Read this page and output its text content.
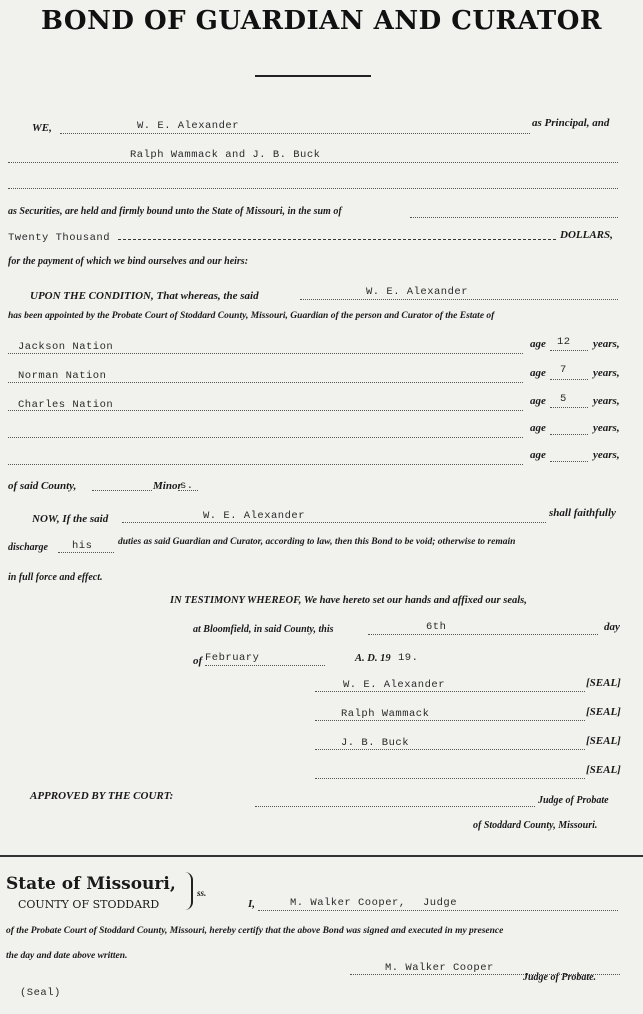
BOND OF GUARDIAN AND CURATOR
WE,	W. E. Alexander	as Principal, and
Ralph Wammack and J. B. Buck
as Securities, are held and firmly bound unto the State of Missouri, in the sum of
Twenty Thousand	DOLLARS,
for the payment of which we bind ourselves and our heirs:
UPON THE CONDITION, That whereas, the said	W. E. Alexander
has been appointed by the Probate Court of Stoddard County, Missouri, Guardian of the person and Curator of the Estate of
Jackson Nation	age 12 years,
Norman Nation	age 7 years,
Charles Nation	age 5 years,
age	years,
age	years,
of said County,	Minor
s.
NOW, If the said	W. E. Alexander	shall faithfully
discharge his	duties as said Guardian and Curator, according to law, then this Bond to be void; otherwise to remain
in full force and effect.
IN TESTIMONY WHEREOF, We have hereto set our hands and affixed our seals,
at Bloomfield, in said County, this	6th	day
of February	A. D. 19 19.
W. E. Alexander	[SEAL]
Ralph Wammack	[SEAL]
J. B. Buck	[SEAL]
[SEAL]
APPROVED BY THE COURT:	Judge of Probate
of Stoddard County, Missouri.
State of Missouri,
COUNTY OF STODDARD
ss.
I,	M. Walker Cooper, Judge
of the Probate Court of Stoddard County, Missouri, hereby certify that the above Bond was signed and executed in my presence
the day and date above written.
M. Walker Cooper
Judge of Probate.
(Seal)
